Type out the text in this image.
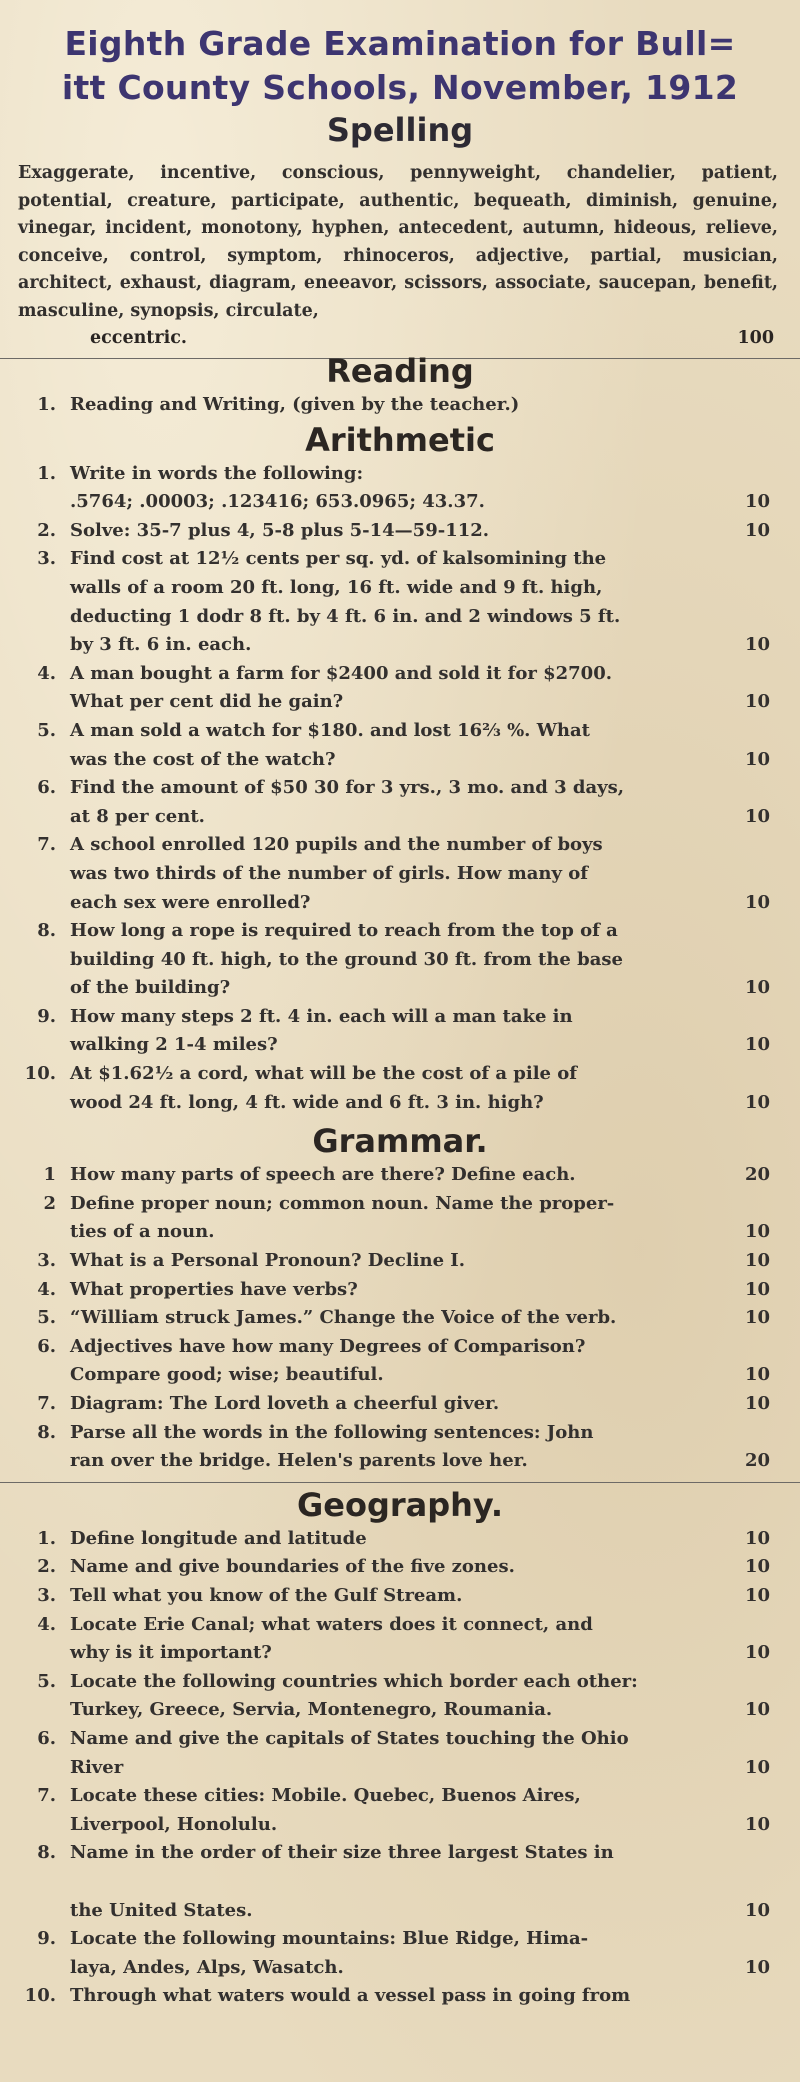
Eighth Grade Examination for Bull=
itt County Schools, November, 1912
Spelling
Exaggerate, incentive, conscious, pennyweight, chandelier, patient, potential, creature, participate, authentic, bequeath, diminish, genuine, vinegar, incident, monotony, hyphen, antecedent, autumn, hideous, relieve, conceive, control, symptom, rhinoceros, adjective, partial, musician, architect, exhaust, diagram, eneeavor, scissors, associate, saucepan, benefit, masculine, synopsis, circulate,
eccentric.	100
Reading
1. Reading and Writing, (given by the teacher.)
Arithmetic
1. Write in words the following:
.5764; .00003; .123416; 653.0965; 43.37.	10
2. Solve: 35-7 plus 4, 5-8 plus 5-14—59-112.	10
3. Find cost at 12½ cents per sq. yd. of kalsomining the
walls of a room 20 ft. long, 16 ft. wide and 9 ft. high,
deducting 1 dodr 8 ft. by 4 ft. 6 in. and 2 windows 5 ft.
by 3 ft. 6 in. each.	10
4. A man bought a farm for $2400 and sold it for $2700.
What per cent did he gain?	10
5. A man sold a watch for $180. and lost 16⅔ %. What
was the cost of the watch?	10
6. Find the amount of $50 30 for 3 yrs., 3 mo. and 3 days,
at 8 per cent.	10
7. A school enrolled 120 pupils and the number of boys
was two thirds of the number of girls. How many of
each sex were enrolled?	10
8. How long a rope is required to reach from the top of a
building 40 ft. high, to the ground 30 ft. from the base
of the building?	10
9. How many steps 2 ft. 4 in. each will a man take in
walking 2 1-4 miles?	10
10. At $1.62½ a cord, what will be the cost of a pile of
wood 24 ft. long, 4 ft. wide and 6 ft. 3 in. high?	10
Grammar.
1 How many parts of speech are there? Define each.	20
2 Define proper noun; common noun. Name the proper-
ties of a noun.	10
3. What is a Personal Pronoun? Decline I.	10
4. What properties have verbs?	10
5. “William struck James.” Change the Voice of the verb.	10
6. Adjectives have how many Degrees of Comparison?
Compare good; wise; beautiful.	10
7. Diagram: The Lord loveth a cheerful giver.	10
8. Parse all the words in the following sentences: John
ran over the bridge. Helen's parents love her.	20
Geography.
1. Define longitude and latitude	10
2. Name and give boundaries of the five zones.	10
3. Tell what you know of the Gulf Stream.	10
4. Locate Erie Canal; what waters does it connect, and
why is it important?	10
5. Locate the following countries which border each other:
Turkey, Greece, Servia, Montenegro, Roumania.	10
6. Name and give the capitals of States touching the Ohio
River	10
7. Locate these cities: Mobile. Quebec, Buenos Aires,
Liverpool, Honolulu.	10
8. Name in the order of their size three largest States in

the United States.	10
9. Locate the following mountains: Blue Ridge, Hima-
laya, Andes, Alps, Wasatch.	10
10. Through what waters would a vessel pass in going from
